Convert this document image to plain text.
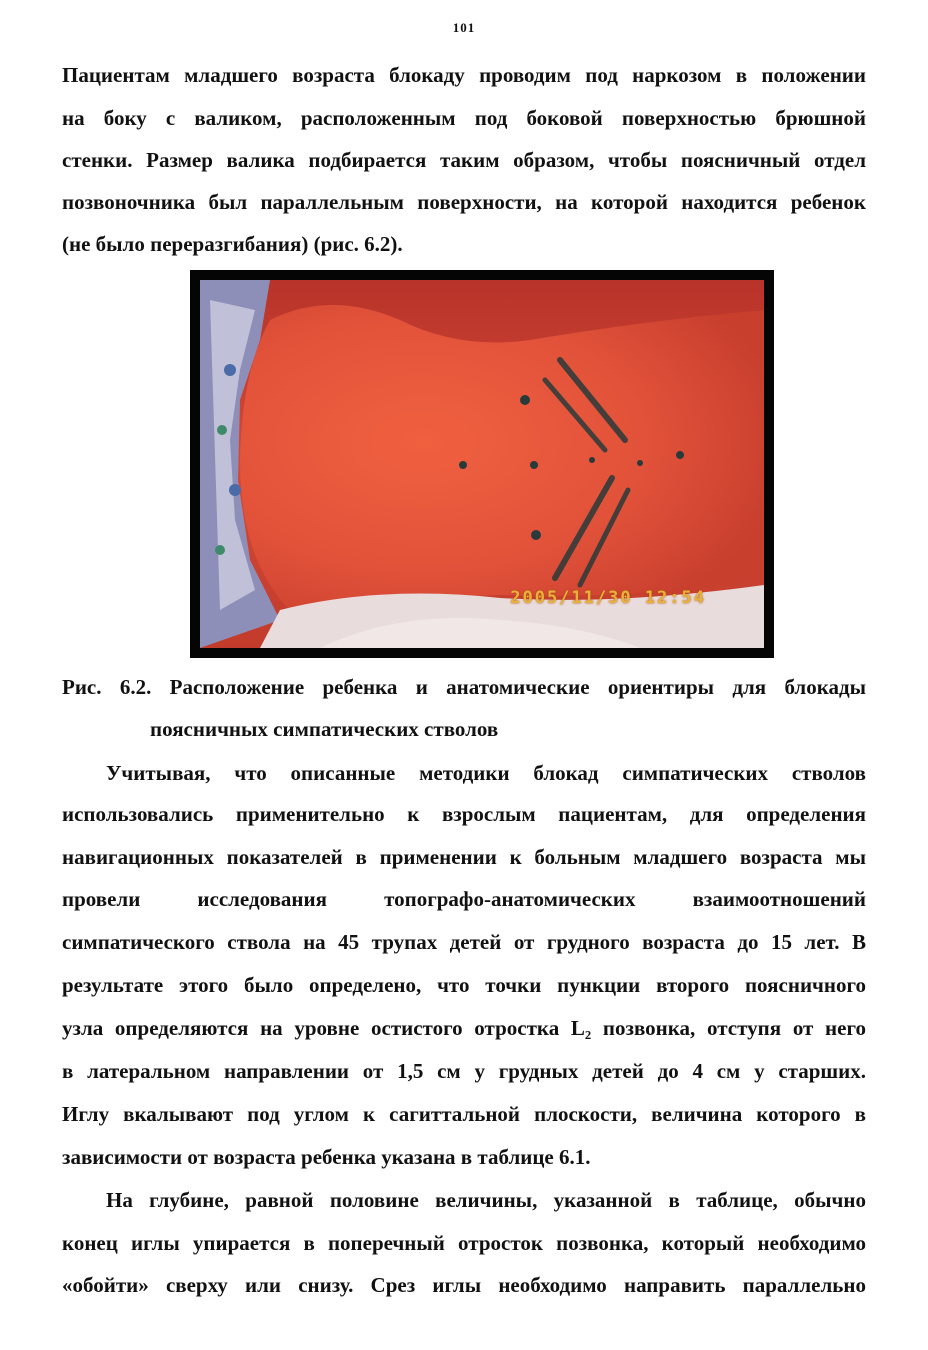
101
Пациентам младшего возраста блокаду проводим под наркозом в положении
на боку с валиком, расположенным под боковой поверхностью брюшной
стенки. Размер валика подбирается таким образом, чтобы поясничный отдел
позвоночника был параллельным поверхности, на которой находится ребенок
(не было переразгибания) (рис. 6.2).
2005/11/30 12:54
Рис. 6.2. Расположение ребенка и анатомические ориентиры для блокады
поясничных симпатических стволов
Учитывая, что описанные методики блокад симпатических стволов
использовались применительно к взрослым пациентам, для определения
навигационных показателей в применении к больным младшего возраста мы
провели исследования топографо-анатомических взаимоотношений
симпатического ствола на 45 трупах детей от грудного возраста до 15 лет. В
результате этого было определено, что точки пункции второго поясничного
узла определяются на уровне остистого отростка L₂ позвонка, отступя от него
в латеральном направлении от 1,5 см у грудных детей до 4 см у старших.
Иглу вкалывают под углом к сагиттальной плоскости, величина которого в
зависимости от возраста ребенка указана в таблице 6.1.
На глубине, равной половине величины, указанной в таблице, обычно
конец иглы упирается в поперечный отросток позвонка, который необходимо
«обойти» сверху или снизу. Срез иглы необходимо направить параллельно
